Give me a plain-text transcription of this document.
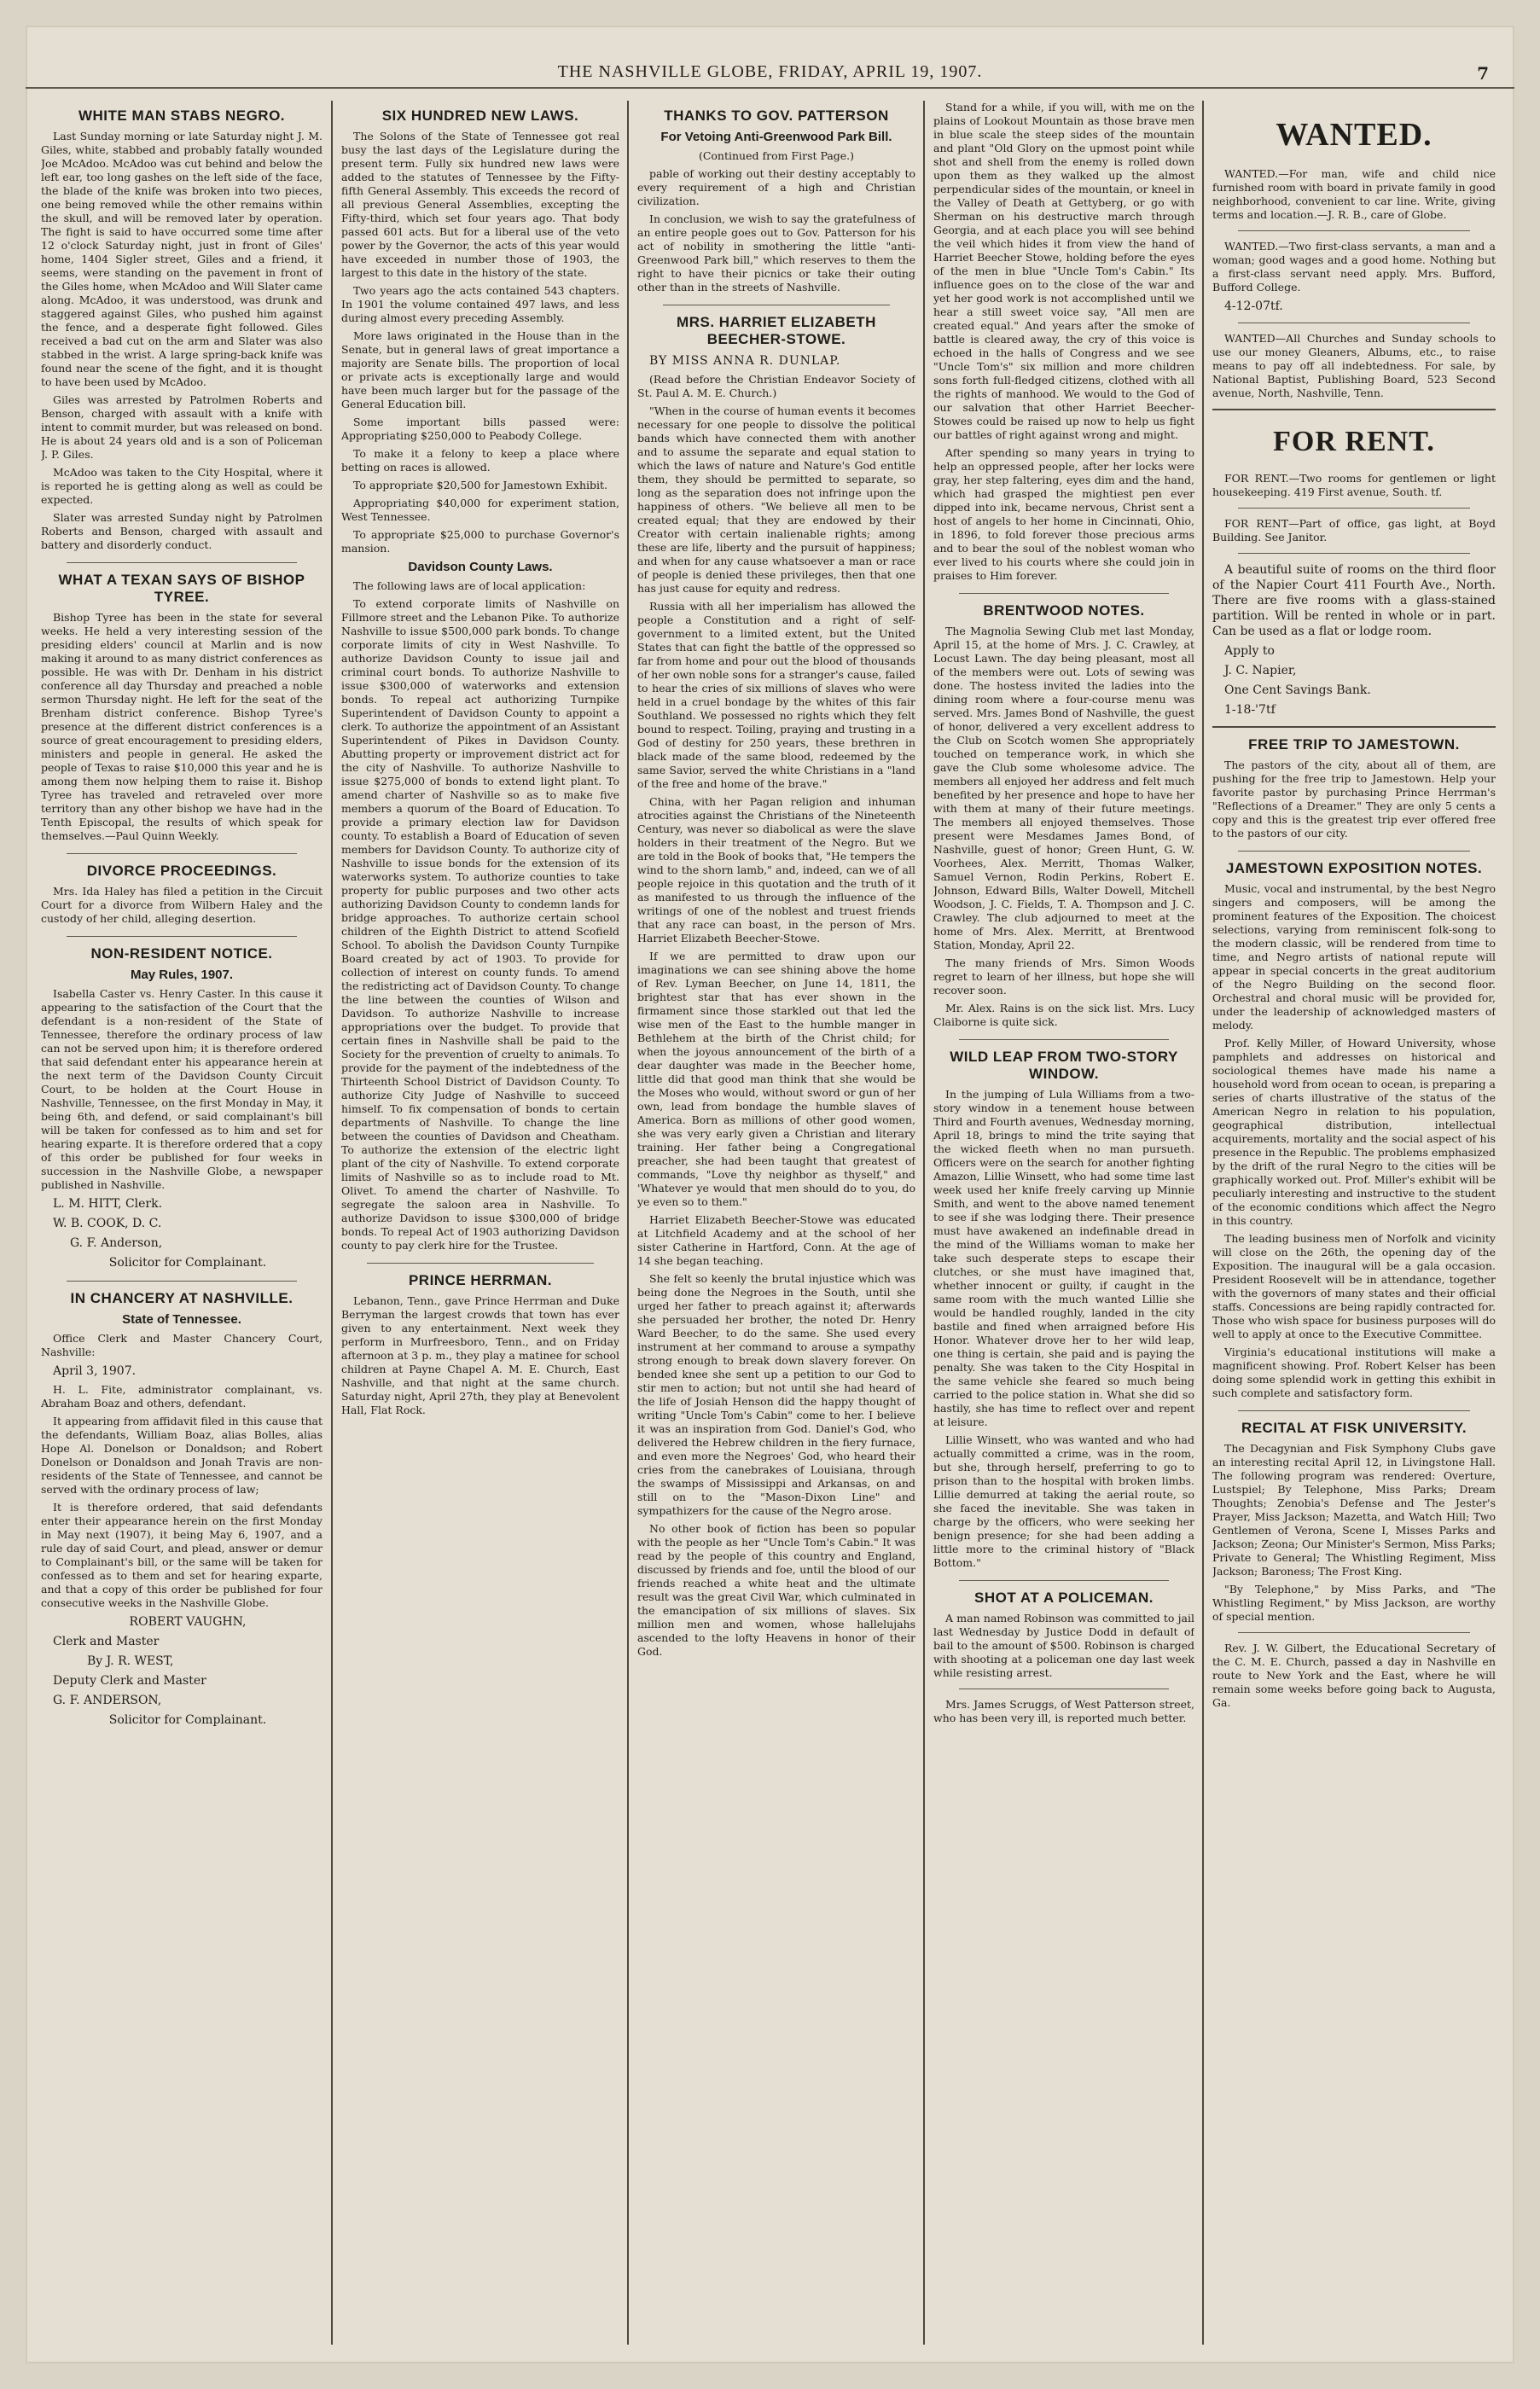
THE NASHVILLE GLOBE, FRIDAY, APRIL 19, 1907.	7
WHITE MAN STABS NEGRO.

Last Sunday morning or late Saturday night J. M. Giles, white, stabbed and probably fatally wounded Joe McAdoo. McAdoo was cut behind and below the left ear, too long gashes on the left side of the face, the blade of the knife was broken into two pieces, one being removed while the other remains within the skull, and will be removed later by operation. The fight is said to have occurred some time after 12 o'clock Saturday night, just in front of Giles' home, 1404 Sigler street, Giles and a friend, it seems, were standing on the pavement in front of the Giles home, when McAdoo and Will Slater came along. McAdoo, it was understood, was drunk and staggered against Giles, who pushed him against the fence, and a desperate fight followed. Giles received a bad cut on the arm and Slater was also stabbed in the wrist. A large spring-back knife was found near the scene of the fight, and it is thought to have been used by McAdoo.

Giles was arrested by Patrolmen Roberts and Benson, charged with assault with a knife with intent to commit murder, but was released on bond. He is about 24 years old and is a son of Policeman J. P. Giles.

McAdoo was taken to the City Hospital, where it is reported he is getting along as well as could be expected.

Slater was arrested Sunday night by Patrolmen Roberts and Benson, charged with assault and battery and disorderly conduct.

WHAT A TEXAN SAYS OF BISHOP TYREE.

Bishop Tyree has been in the state for several weeks. He held a very interesting session of the presiding elders' council at Marlin and is now making it around to as many district conferences as possible. He was with Dr. Denham in his district conference all day Thursday and preached a noble sermon Thursday night. He left for the seat of the Brenham district conference. Bishop Tyree's presence at the different district conferences is a source of great encouragement to presiding elders, ministers and people in general. He asked the people of Texas to raise $10,000 this year and he is among them now helping them to raise it. Bishop Tyree has traveled and retraveled over more territory than any other bishop we have had in the Tenth Episcopal, the results of which speak for themselves.—Paul Quinn Weekly.

DIVORCE PROCEEDINGS.

Mrs. Ida Haley has filed a petition in the Circuit Court for a divorce from Wilbern Haley and the custody of her child, alleging desertion.

NON-RESIDENT NOTICE.
May Rules, 1907.

Isabella Caster vs. Henry Caster. In this cause it appearing to the satisfaction of the Court that the defendant is a non-resident of the State of Tennessee, therefore the ordinary process of law can not be served upon him; it is therefore ordered that said defendant enter his appearance herein at the next term of the Davidson County Circuit Court, to be holden at the Court House in Nashville, Tennessee, on the first Monday in May, it being 6th, and defend, or said complainant's bill will be taken for confessed as to him and set for hearing exparte. It is therefore ordered that a copy of this order be published for four weeks in succession in the Nashville Globe, a newspaper published in Nashville.

L. M. HITT, Clerk.

W. B. COOK, D. C.

G. F. Anderson,

Solicitor for Complainant.

IN CHANCERY AT NASHVILLE.
State of Tennessee.

Office Clerk and Master Chancery Court, Nashville:

April 3, 1907.

H. L. Fite, administrator complainant, vs. Abraham Boaz and others, defendant.

It appearing from affidavit filed in this cause that the defendants, William Boaz, alias Bolles, alias Hope Al. Donelson or Donaldson; and Robert Donelson or Donaldson and Jonah Travis are non-residents of the State of Tennessee, and cannot be served with the ordinary process of law;

It is therefore ordered, that said defendants enter their appearance herein on the first Monday in May next (1907), it being May 6, 1907, and a rule day of said Court, and plead, answer or demur to Complainant's bill, or the same will be taken for confessed as to them and set for hearing exparte, and that a copy of this order be published for four consecutive weeks in the Nashville Globe.

ROBERT VAUGHN,

Clerk and Master

By J. R. WEST,

Deputy Clerk and Master

G. F. ANDERSON,

Solicitor for Complainant.

SIX HUNDRED NEW LAWS.

The Solons of the State of Tennessee got real busy the last days of the Legislature during the present term. Fully six hundred new laws were added to the statutes of Tennessee by the Fifty-fifth General Assembly. This exceeds the record of all previous General Assemblies, excepting the Fifty-third, which set four years ago. That body passed 601 acts. But for a liberal use of the veto power by the Governor, the acts of this year would have exceeded in number those of 1903, the largest to this date in the history of the state.

Two years ago the acts contained 543 chapters. In 1901 the volume contained 497 laws, and less during almost every preceding Assembly.

More laws originated in the House than in the Senate, but in general laws of great importance a majority are Senate bills. The proportion of local or private acts is exceptionally large and would have been much larger but for the passage of the General Education bill.

Some important bills passed were: Appropriating $250,000 to Peabody College.

To make it a felony to keep a place where betting on races is allowed.

To appropriate $20,500 for Jamestown Exhibit.

Appropriating $40,000 for experiment station, West Tennessee.

To appropriate $25,000 to purchase Governor's mansion.

Davidson County Laws.

The following laws are of local application:

To extend corporate limits of Nashville on Fillmore street and the Lebanon Pike. To authorize Nashville to issue $500,000 park bonds. To change corporate limits of city in West Nashville. To authorize Davidson County to issue jail and criminal court bonds. To authorize Nashville to issue $300,000 of waterworks and extension bonds. To repeal act authorizing Turnpike Superintendent of Davidson County to appoint a clerk. To authorize the appointment of an Assistant Superintendent of Pikes in Davidson County. Abutting property or improvement district act for the city of Nashville. To authorize Nashville to issue $275,000 of bonds to extend light plant. To amend charter of Nashville so as to make five members a quorum of the Board of Education. To provide a primary election law for Davidson county. To establish a Board of Education of seven members for Davidson County. To authorize city of Nashville to issue bonds for the extension of its waterworks system. To authorize counties to take property for public purposes and two other acts authorizing Davidson County to condemn lands for bridge approaches. To authorize certain school children of the Eighth District to attend Scofield School. To abolish the Davidson County Turnpike Board created by act of 1903. To provide for collection of interest on county funds. To amend the redistricting act of Davidson County. To change the line between the counties of Wilson and Davidson. To authorize Nashville to increase appropriations over the budget. To provide that certain fines in Nashville shall be paid to the Society for the prevention of cruelty to animals. To provide for the payment of the indebtedness of the Thirteenth School District of Davidson County. To authorize City Judge of Nashville to succeed himself. To fix compensation of bonds to certain departments of Nashville. To change the line between the counties of Davidson and Cheatham. To authorize the extension of the electric light plant of the city of Nashville. To extend corporate limits of Nashville so as to include road to Mt. Olivet. To amend the charter of Nashville. To segregate the saloon area in Nashville. To authorize Davidson to issue $300,000 of bridge bonds. To repeal Act of 1903 authorizing Davidson county to pay clerk hire for the Trustee.

PRINCE HERRMAN.

Lebanon, Tenn., gave Prince Herrman and Duke Berryman the largest crowds that town has ever given to any entertainment. Next week they perform in Murfreesboro, Tenn., and on Friday afternoon at 3 p. m., they play a matinee for school children at Payne Chapel A. M. E. Church, East Nashville, and that night at the same church. Saturday night, April 27th, they play at Benevolent Hall, Flat Rock.

THANKS TO GOV. PATTERSON
For Vetoing Anti-Greenwood Park Bill.

(Continued from First Page.)

pable of working out their destiny acceptably to every requirement of a high and Christian civilization.

In conclusion, we wish to say the gratefulness of an entire people goes out to Gov. Patterson for his act of nobility in smothering the little "anti-Greenwood Park bill," which reserves to them the right to have their picnics or take their outing other than in the streets of Nashville.

MRS. HARRIET ELIZABETH BEECHER-STOWE.

BY MISS ANNA R. DUNLAP.

(Read before the Christian Endeavor Society of St. Paul A. M. E. Church.)

"When in the course of human events it becomes necessary for one people to dissolve the political bands which have connected them with another and to assume the separate and equal station to which the laws of nature and Nature's God entitle them, they should be permitted to separate, so long as the separation does not infringe upon the happiness of others. "We believe all men to be created equal; that they are endowed by their Creator with certain inalienable rights; among these are life, liberty and the pursuit of happiness; and when for any cause whatsoever a man or race of people is denied these privileges, then that one has just cause for equity and redress.

Russia with all her imperialism has allowed the people a Constitution and a right of self-government to a limited extent, but the United States that can fight the battle of the oppressed so far from home and pour out the blood of thousands of her own noble sons for a stranger's cause, failed to hear the cries of six millions of slaves who were held in a cruel bondage by the whites of this fair Southland. We possessed no rights which they felt bound to respect. Toiling, praying and trusting in a God of destiny for 250 years, these brethren in black made of the same blood, redeemed by the same Savior, served the white Christians in a "land of the free and home of the brave."

China, with her Pagan religion and inhuman atrocities against the Christians of the Nineteenth Century, was never so diabolical as were the slave holders in their treatment of the Negro. But we are told in the Book of books that, "He tempers the wind to the shorn lamb," and, indeed, can we of all people rejoice in this quotation and the truth of it as manifested to us through the influence of the writings of one of the noblest and truest friends that any race can boast, in the person of Mrs. Harriet Elizabeth Beecher-Stowe.

If we are permitted to draw upon our imaginations we can see shining above the home of Rev. Lyman Beecher, on June 14, 1811, the brightest star that has ever shown in the firmament since those starkled out that led the wise men of the East to the humble manger in Bethlehem at the birth of the Christ child; for when the joyous announcement of the birth of a dear daughter was made in the Beecher home, little did that good man think that she would be the Moses who would, without sword or gun of her own, lead from bondage the humble slaves of America. Born as millions of other good women, she was very early given a Christian and literary training. Her father being a Congregational preacher, she had been taught that greatest of commands, "Love thy neighbor as thyself," and 'Whatever ye would that men should do to you, do ye even so to them."

Harriet Elizabeth Beecher-Stowe was educated at Litchfield Academy and at the school of her sister Catherine in Hartford, Conn. At the age of 14 she began teaching.

She felt so keenly the brutal injustice which was being done the Negroes in the South, until she urged her father to preach against it; afterwards she persuaded her brother, the noted Dr. Henry Ward Beecher, to do the same. She used every instrument at her command to arouse a sympathy strong enough to break down slavery forever. On bended knee she sent up a petition to our God to stir men to action; but not until she had heard of the life of Josiah Henson did the happy thought of writing "Uncle Tom's Cabin" come to her. I believe it was an inspiration from God. Daniel's God, who delivered the Hebrew children in the fiery furnace, and even more the Negroes' God, who heard their cries from the canebrakes of Louisiana, through the swamps of Mississippi and Arkansas, on and still on to the "Mason-Dixon Line" and sympathizers for the cause of the Negro arose.

No other book of fiction has been so popular with the people as her "Uncle Tom's Cabin." It was read by the people of this country and England, discussed by friends and foe, until the blood of our friends reached a white heat and the ultimate result was the great Civil War, which culminated in the emancipation of six millions of slaves. Six million men and women, whose hallelujahs ascended to the lofty Heavens in honor of their God.

Stand for a while, if you will, with me on the plains of Lookout Mountain as those brave men in blue scale the steep sides of the mountain and plant "Old Glory on the upmost point while shot and shell from the enemy is rolled down upon them as they walked up the almost perpendicular sides of the mountain, or kneel in the Valley of Death at Gettyberg, or go with Sherman on his destructive march through Georgia, and at each place you will see behind the veil which hides it from view the hand of Harriet Beecher Stowe, holding before the eyes of the men in blue "Uncle Tom's Cabin." Its influence goes on to the close of the war and yet her good work is not accomplished until we hear a still sweet voice say, "All men are created equal." And years after the smoke of battle is cleared away, the cry of this voice is echoed in the halls of Congress and we see "Uncle Tom's" six million and more children sons forth full-fledged citizens, clothed with all the rights of manhood. We would to the God of our salvation that other Harriet Beecher-Stowes could be raised up now to help us fight our battles of right against wrong and might.

After spending so many years in trying to help an oppressed people, after her locks were gray, her step faltering, eyes dim and the hand, which had grasped the mightiest pen ever dipped into ink, became nervous, Christ sent a host of angels to her home in Cincinnati, Ohio, in 1896, to fold forever those precious arms and to bear the soul of the noblest woman who ever lived to his courts where she could join in praises to Him forever.

BRENTWOOD NOTES.

The Magnolia Sewing Club met last Monday, April 15, at the home of Mrs. J. C. Crawley, at Locust Lawn. The day being pleasant, most all of the members were out. Lots of sewing was done. The hostess invited the ladies into the dining room where a four-course menu was served. Mrs. James Bond of Nashville, the guest of honor, delivered a very excellent address to the Club on Scotch women She appropriately touched on temperance work, in which she gave the Club some wholesome advice. The members all enjoyed her address and felt much benefited by her presence and hope to have her with them at many of their future meetings. The members all enjoyed themselves. Those present were Mesdames James Bond, of Nashville, guest of honor; Green Hunt, G. W. Voorhees, Alex. Merritt, Thomas Walker, Samuel Vernon, Rodin Perkins, Robert E. Johnson, Edward Bills, Walter Dowell, Mitchell Woodson, J. C. Fields, T. A. Thompson and J. C. Crawley. The club adjourned to meet at the home of Mrs. Alex. Merritt, at Brentwood Station, Monday, April 22.

The many friends of Mrs. Simon Woods regret to learn of her illness, but hope she will recover soon.

Mr. Alex. Rains is on the sick list. Mrs. Lucy Claiborne is quite sick.

WILD LEAP FROM TWO-STORY WINDOW.

In the jumping of Lula Williams from a two-story window in a tenement house between Third and Fourth avenues, Wednesday morning, April 18, brings to mind the trite saying that the wicked fleeth when no man pursueth. Officers were on the search for another fighting Amazon, Lillie Winsett, who had some time last week used her knife freely carving up Minnie Smith, and went to the above named tenement to see if she was lodging there. Their presence must have awakened an indefinable dread in the mind of the Williams woman to make her take such desperate steps to escape their clutches, or she must have imagined that, whether innocent or guilty, if caught in the same room with the much wanted Lillie she would be handled roughly, landed in the city bastile and fined when arraigned before His Honor. Whatever drove her to her wild leap, one thing is certain, she paid and is paying the penalty. She was taken to the City Hospital in the same vehicle she feared so much being carried to the police station in. What she did so hastily, she has time to reflect over and repent at leisure.

Lillie Winsett, who was wanted and who had actually committed a crime, was in the room, but she, through herself, preferring to go to prison than to the hospital with broken limbs. Lillie demurred at taking the aerial route, so she faced the inevitable. She was taken in charge by the officers, who were seeking her benign presence; for she had been adding a little more to the criminal history of "Black Bottom."

SHOT AT A POLICEMAN.

A man named Robinson was committed to jail last Wednesday by Justice Dodd in default of bail to the amount of $500. Robinson is charged with shooting at a policeman one day last week while resisting arrest.

Mrs. James Scruggs, of West Patterson street, who has been very ill, is reported much better.

WANTED.

WANTED.—For man, wife and child nice furnished room with board in private family in good neighborhood, convenient to car line. Write, giving terms and location.—J. R. B., care of Globe.

WANTED.—Two first-class servants, a man and a woman; good wages and a good home. Nothing but a first-class servant need apply. Mrs. Bufford, Bufford College.

4-12-07tf.

WANTED—All Churches and Sunday schools to use our money Gleaners, Albums, etc., to raise means to pay off all indebtedness. For sale, by National Baptist, Publishing Board, 523 Second avenue, North, Nashville, Tenn.

FOR RENT.

FOR RENT.—Two rooms for gentlemen or light housekeeping. 419 First avenue, South. tf.

FOR RENT—Part of office, gas light, at Boyd Building. See Janitor.

A beautiful suite of rooms on the third floor of the Napier Court 411 Fourth Ave., North. There are five rooms with a glass-stained partition. Will be rented in whole or in part. Can be used as a flat or lodge room.

Apply to

J. C. Napier,

One Cent Savings Bank.

1-18-'7tf

FREE TRIP TO JAMESTOWN.

The pastors of the city, about all of them, are pushing for the free trip to Jamestown. Help your favorite pastor by purchasing Prince Herrman's "Reflections of a Dreamer." They are only 5 cents a copy and this is the greatest trip ever offered free to the pastors of our city.

JAMESTOWN EXPOSITION NOTES.

Music, vocal and instrumental, by the best Negro singers and composers, will be among the prominent features of the Exposition. The choicest selections, varying from reminiscent folk-song to the modern classic, will be rendered from time to time, and Negro artists of national repute will appear in special concerts in the great auditorium of the Negro Building on the second floor. Orchestral and choral music will be provided for, under the leadership of acknowledged masters of melody.

Prof. Kelly Miller, of Howard University, whose pamphlets and addresses on historical and sociological themes have made his name a household word from ocean to ocean, is preparing a series of charts illustrative of the status of the American Negro in relation to his population, geographical distribution, intellectual acquirements, mortality and the social aspect of his presence in the Republic. The problems emphasized by the drift of the rural Negro to the cities will be graphically worked out. Prof. Miller's exhibit will be peculiarly interesting and instructive to the student of the economic conditions which affect the Negro in this country.

The leading business men of Norfolk and vicinity will close on the 26th, the opening day of the Exposition. The inaugural will be a gala occasion. President Roosevelt will be in attendance, together with the governors of many states and their official staffs. Concessions are being rapidly contracted for. Those who wish space for business purposes will do well to apply at once to the Executive Committee.

Virginia's educational institutions will make a magnificent showing. Prof. Robert Kelser has been doing some splendid work in getting this exhibit in such complete and satisfactory form.

RECITAL AT FISK UNIVERSITY.

The Decagynian and Fisk Symphony Clubs gave an interesting recital April 12, in Livingstone Hall. The following program was rendered: Overture, Lustspiel; By Telephone, Miss Parks; Dream Thoughts; Zenobia's Defense and The Jester's Prayer, Miss Jackson; Mazetta, and Watch Hill; Two Gentlemen of Verona, Scene I, Misses Parks and Jackson; Zeona; Our Minister's Sermon, Miss Parks; Private to General; The Whistling Regiment, Miss Jackson; Baroness; The Frost King.

"By Telephone," by Miss Parks, and "The Whistling Regiment," by Miss Jackson, are worthy of special mention.

Rev. J. W. Gilbert, the Educational Secretary of the C. M. E. Church, passed a day in Nashville en route to New York and the East, where he will remain some weeks before going back to Augusta, Ga.
